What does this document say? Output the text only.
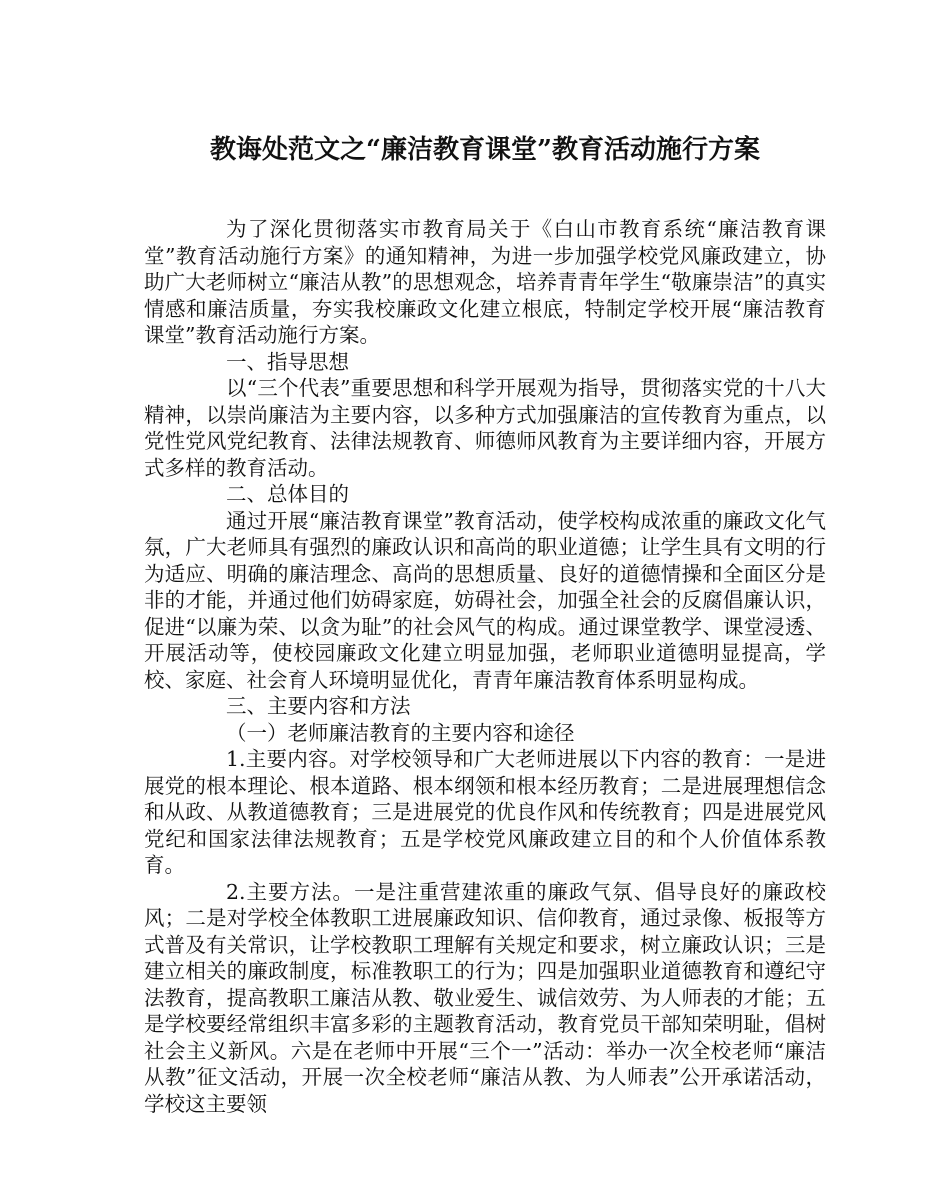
教诲处范文之“廉洁教育课堂”教育活动施行方案

为了深化贯彻落实市教育局关于《白山市教育系统“廉洁教育课堂”教育活动施行方案》的通知精神，为进一步加强学校党风廉政建立，协助广大老师树立“廉洁从教”的思想观念，培养青青年学生“敬廉崇洁”的真实情感和廉洁质量，夯实我校廉政文化建立根底，特制定学校开展“廉洁教育课堂”教育活动施行方案。

一、指导思想

以“三个代表”重要思想和科学开展观为指导，贯彻落实党的十八大精神，以崇尚廉洁为主要内容，以多种方式加强廉洁的宣传教育为重点，以党性党风党纪教育、法律法规教育、师德师风教育为主要详细内容，开展方式多样的教育活动。

二、总体目的

通过开展“廉洁教育课堂”教育活动，使学校构成浓重的廉政文化气氛，广大老师具有强烈的廉政认识和高尚的职业道德；让学生具有文明的行为适应、明确的廉洁理念、高尚的思想质量、良好的道德情操和全面区分是非的才能，并通过他们妨碍家庭，妨碍社会，加强全社会的反腐倡廉认识，促进“以廉为荣、以贪为耻”的社会风气的构成。通过课堂教学、课堂浸透、开展活动等，使校园廉政文化建立明显加强，老师职业道德明显提高，学校、家庭、社会育人环境明显优化，青青年廉洁教育体系明显构成。

三、主要内容和方法

（一）老师廉洁教育的主要内容和途径

1.主要内容。对学校领导和广大老师进展以下内容的教育：一是进展党的根本理论、根本道路、根本纲领和根本经历教育；二是进展理想信念和从政、从教道德教育；三是进展党的优良作风和传统教育；四是进展党风党纪和国家法律法规教育；五是学校党风廉政建立目的和个人价值体系教育。

2.主要方法。一是注重营建浓重的廉政气氛、倡导良好的廉政校风；二是对学校全体教职工进展廉政知识、信仰教育，通过录像、板报等方式普及有关常识，让学校教职工理解有关规定和要求，树立廉政认识；三是建立相关的廉政制度，标准教职工的行为；四是加强职业道德教育和遵纪守法教育，提高教职工廉洁从教、敬业爱生、诚信效劳、为人师表的才能；五是学校要经常组织丰富多彩的主题教育活动，教育党员干部知荣明耻，倡树社会主义新风。六是在老师中开展“三个一”活动：举办一次全校老师“廉洁从教”征文活动，开展一次全校老师“廉洁从教、为人师表”公开承诺活动，学校这主要领
